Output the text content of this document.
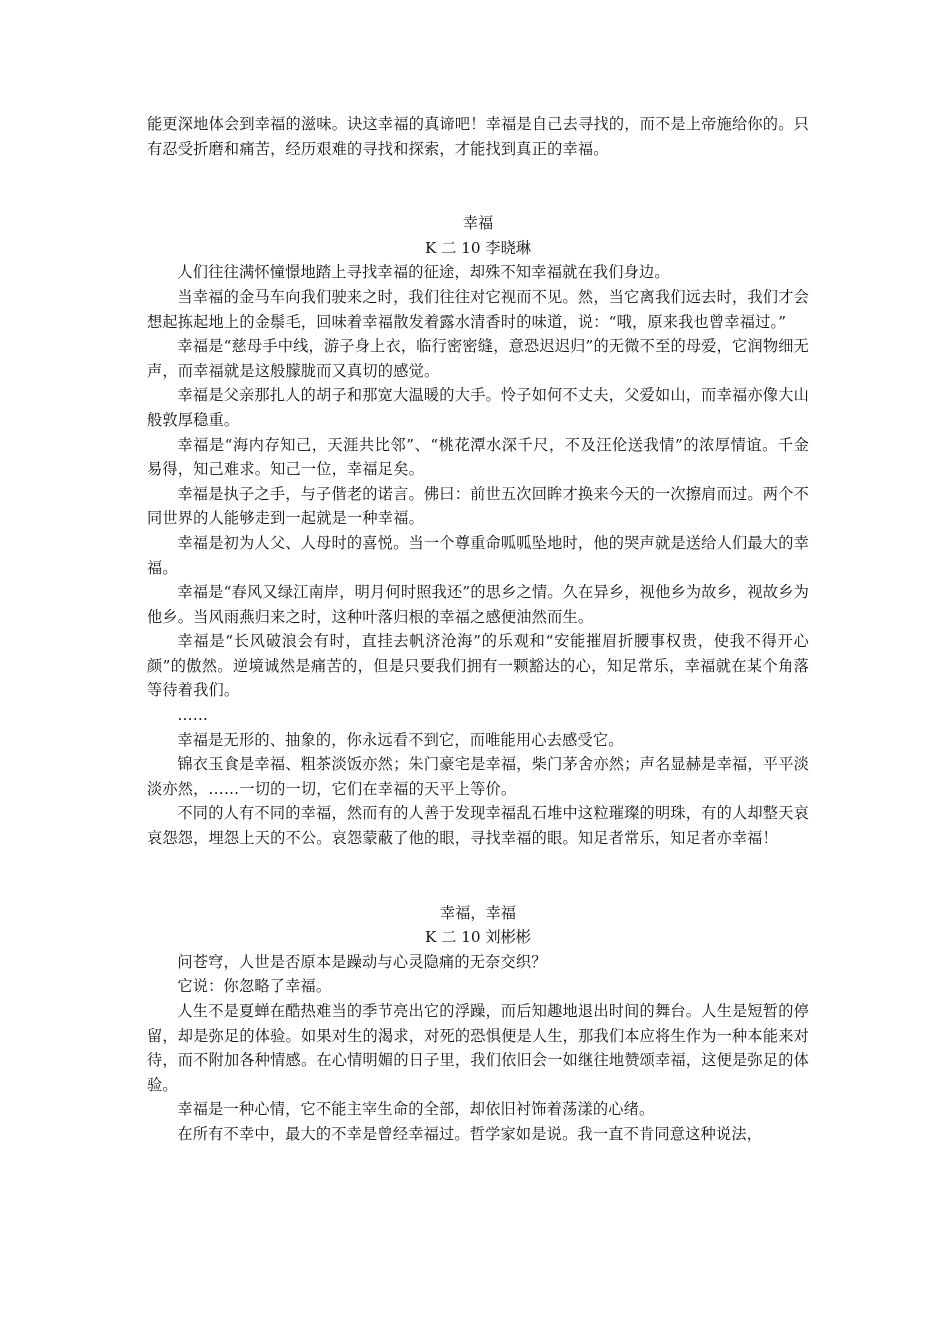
能更深地体会到幸福的滋味。诀这幸福的真谛吧！幸福是自己去寻找的，而不是上帝施给你的。只有忍受折磨和痛苦，经历艰难的寻找和探索，才能找到真正的幸福。

幸福

K 二 10 李晓琳

人们往往满怀憧憬地踏上寻找幸福的征途，却殊不知幸福就在我们身边。

当幸福的金马车向我们驶来之时，我们往往对它视而不见。然，当它离我们远去时，我们才会想起拣起地上的金鬃毛，回味着幸福散发着露水清香时的味道，说：“哦，原来我也曾幸福过。”

幸福是“慈母手中线，游子身上衣，临行密密缝，意恐迟迟归”的无微不至的母爱，它润物细无声，而幸福就是这般朦胧而又真切的感觉。

幸福是父亲那扎人的胡子和那宽大温暖的大手。怜子如何不丈夫，父爱如山，而幸福亦像大山般敦厚稳重。

幸福是“海内存知己，天涯共比邻”、“桃花潭水深千尺，不及汪伦送我情”的浓厚情谊。千金易得，知己难求。知己一位，幸福足矣。

幸福是执子之手，与子偕老的诺言。佛曰：前世五次回眸才换来今天的一次擦肩而过。两个不同世界的人能够走到一起就是一种幸福。

幸福是初为人父、人母时的喜悦。当一个尊重命呱呱坠地时，他的哭声就是送给人们最大的幸福。

幸福是“春风又绿江南岸，明月何时照我还”的思乡之情。久在异乡，视他乡为故乡，视故乡为他乡。当风雨燕归来之时，这种叶落归根的幸福之感便油然而生。

幸福是“长风破浪会有时，直挂去帆济沧海”的乐观和“安能摧眉折腰事权贵，使我不得开心颜”的傲然。逆境诚然是痛苦的，但是只要我们拥有一颗豁达的心，知足常乐，幸福就在某个角落等待着我们。

……

幸福是无形的、抽象的，你永远看不到它，而唯能用心去感受它。

锦衣玉食是幸福、粗茶淡饭亦然；朱门豪宅是幸福，柴门茅舍亦然；声名显赫是幸福，平平淡淡亦然，……一切的一切，它们在幸福的天平上等价。

不同的人有不同的幸福，然而有的人善于发现幸福乱石堆中这粒璀璨的明珠，有的人却整天哀哀怨怨，埋怨上天的不公。哀怨蒙蔽了他的眼，寻找幸福的眼。知足者常乐，知足者亦幸福！

幸福，幸福

K 二 10 刘彬彬

问苍穹，人世是否原本是躁动与心灵隐痛的无奈交织？

它说：你忽略了幸福。

人生不是夏蝉在酷热难当的季节亮出它的浮躁，而后知趣地退出时间的舞台。人生是短暂的停留，却是弥足的体验。如果对生的渴求，对死的恐惧便是人生，那我们本应将生作为一种本能来对待，而不附加各种情感。在心情明媚的日子里，我们依旧会一如继往地赞颂幸福，这便是弥足的体验。

幸福是一种心情，它不能主宰生命的全部，却依旧衬饰着荡漾的心绪。

在所有不幸中，最大的不幸是曾经幸福过。哲学家如是说。我一直不肯同意这种说法，
